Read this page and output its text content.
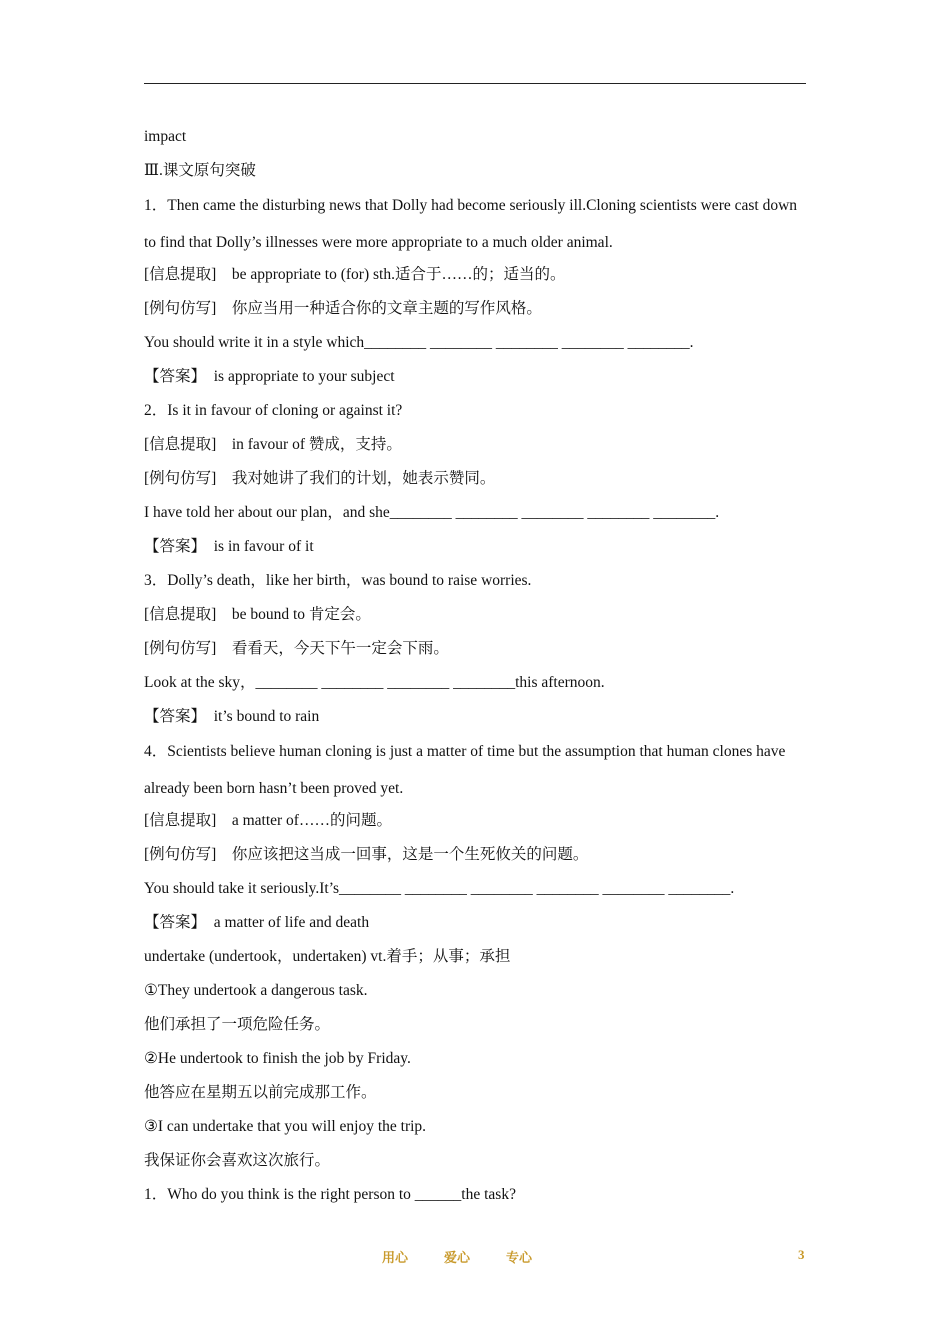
impact
Ⅲ.课文原句突破
1．Then came the disturbing news that Dolly had become seriously ill.Cloning scientists were cast down to find that Dolly’s illnesses were more appropriate to a much older animal.
[信息提取]　be appropriate to (for) sth.适合于……的；适当的。
[例句仿写]　你应当用一种适合你的文章主题的写作风格。
You should write it in a style which________ ________ ________ ________ ________.
【答案】　is appropriate to your subject
2．Is it in favour of cloning or against it?
[信息提取]　in favour of 赞成，支持。
[例句仿写]　我对她讲了我们的计划，她表示赞同。
I have told her about our plan，and she________ ________ ________ ________ ________.
【答案】　is in favour of it
3．Dolly’s death，like her birth，was bound to raise worries.
[信息提取]　be bound to 肯定会。
[例句仿写]　看看天，今天下午一定会下雨。
Look at the sky，________ ________ ________ ________this afternoon.
【答案】　it’s bound to rain
4．Scientists believe human cloning is just a matter of time but the assumption that human clones have already been born hasn’t been proved yet.
[信息提取]　a matter of……的问题。
[例句仿写]　你应该把这当成一回事，这是一个生死攸关的问题。
You should take it seriously.It’s________ ________ ________ ________ ________ ________.
【答案】　a matter of life and death
undertake (undertook，undertaken) vt.着手；从事；承担
①They undertook a dangerous task.
他们承担了一项危险任务。
②He undertook to finish the job by Friday.
他答应在星期五以前完成那工作。
③I can undertake that you will enjoy the trip.
我保证你会喜欢这次旅行。
1．Who do you think is the right person to ______the task?
用心	爱心	专心	3
